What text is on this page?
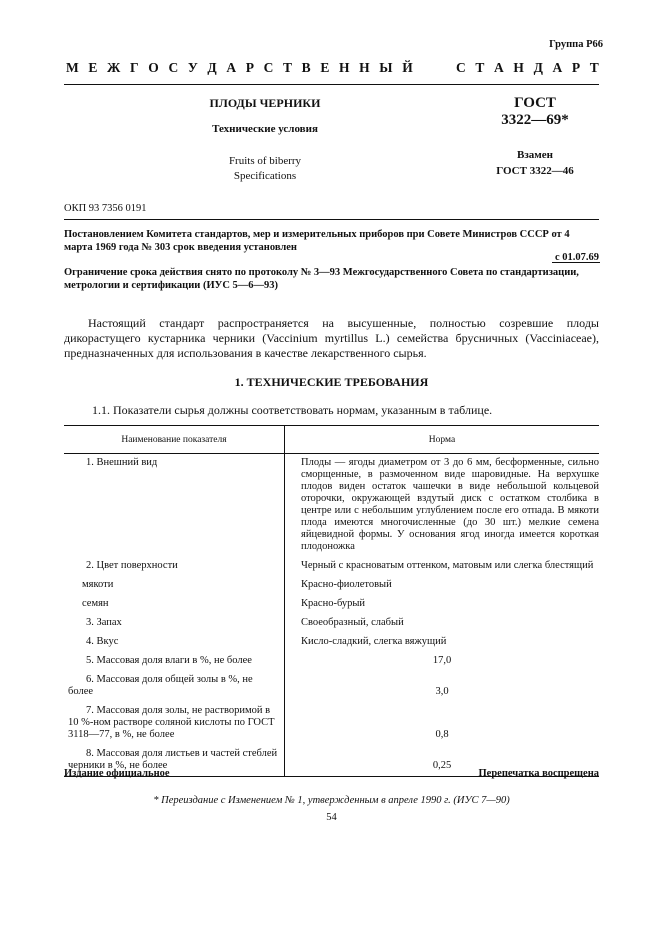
Группа Р66
М Е Ж Г О С У Д А Р С Т В Е Н Н Ы Й	С Т А Н Д А Р Т
ПЛОДЫ ЧЕРНИКИ
Технические условия
Fruits of biberry
Specifications
ГОСТ
3322—69*
Взамен
ГОСТ 3322—46
ОКП 93 7356 0191
Постановлением Комитета стандартов, мер и измерительных приборов при Совете Министров СССР от 4 марта 1969 года № 303 срок введения установлен
с 01.07.69
Ограничение срока действия снято по протоколу № 3—93 Межгосударственного Совета по стандартизации, метрологии и сертификации (ИУС 5—6—93)
Настоящий стандарт распространяется на высушенные, полностью созревшие плоды дикорастущего кустарника черники (Vaccinium myrtillus L.) семейства брусничных (Vacciniaceae), предназначенных для использования в качестве лекарственного сырья.
1. ТЕХНИЧЕСКИЕ ТРЕБОВАНИЯ
1.1. Показатели сырья должны соответствовать нормам, указанным в таблице.
Наименование показателя	Норма

1. Внешний вид	Плоды — ягоды диаметром от 3 до 6 мм, бесформенные, сильно сморщенные, в размоченном виде шаровидные. На верхушке плодов виден остаток чашечки в виде небольшой кольцевой оторочки, окружающей вздутый диск с остатком столбика в центре или с небольшим углублением после его отпада. В мякоти плода имеются многочисленные (до 30 шт.) мелкие семена яйцевидной формы. У основания ягод иногда имеется короткая плодоножка

2. Цвет поверхности	Черный с красноватым оттенком, матовым или слегка блестящий

мякоти	Красно-фиолетовый

семян	Красно-бурый

3. Запах	Своеобразный, слабый

4. Вкус	Кисло-сладкий, слегка вяжущий

5. Массовая доля влаги в %, не более	17,0

6. Массовая доля общей золы в %, не более	3,0

7. Массовая доля золы, не растворимой в 10 %-ном растворе соляной кислоты по ГОСТ 3118—77, в %, не более	0,8

8. Массовая доля листьев и частей стеблей черники в %, не более	0,25
Издание официальное	Перепечатка воспрещена
* Переиздание с Изменением № 1, утвержденным в апреле 1990 г. (ИУС 7—90)
54
